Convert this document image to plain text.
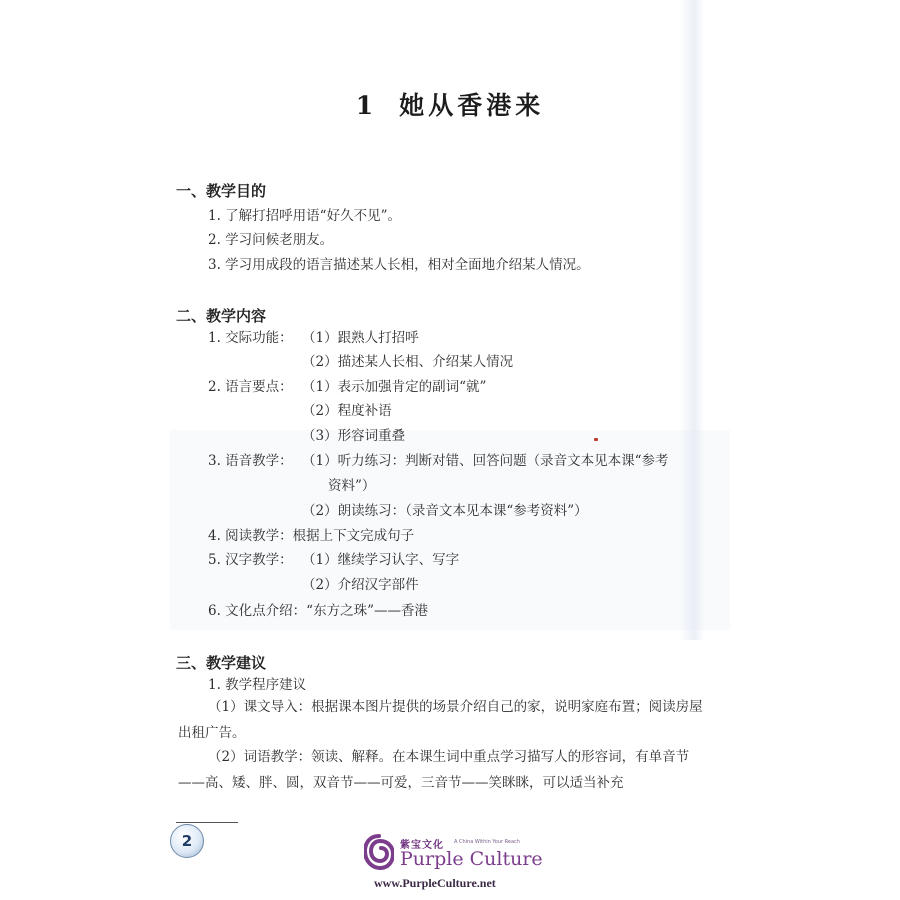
1 她从香港来
一、教学目的
1. 了解打招呼用语“好久不见”。
2. 学习问候老朋友。
3. 学习用成段的语言描述某人长相，相对全面地介绍某人情况。
二、教学内容
1. 交际功能： （1）跟熟人打招呼
（2）描述某人长相、介绍某人情况
2. 语言要点： （1）表示加强肯定的副词“就”
（2）程度补语
（3）形容词重叠
3. 语音教学： （1）听力练习：判断对错、回答问题（录音文本见本课“参考
资料”）
（2）朗读练习：（录音文本见本课“参考资料”）
4. 阅读教学：根据上下文完成句子
5. 汉字教学： （1）继续学习认字、写字
（2）介绍汉字部件
6. 文化点介绍：“东方之珠”——香港
三、教学建议
1. 教学程序建议

（1）课文导入：根据课本图片提供的场景介绍自己的家，说明家庭布置；阅读房屋出租广告。

（2）词语教学：领读、解释。在本课生词中重点学习描写人的形容词，有单音节——高、矮、胖、圆，双音节——可爱，三音节——笑眯眯，可以适当补充

2	紫宝文化 A China Within Your Reach
Purple Culture
www.PurpleCulture.net
